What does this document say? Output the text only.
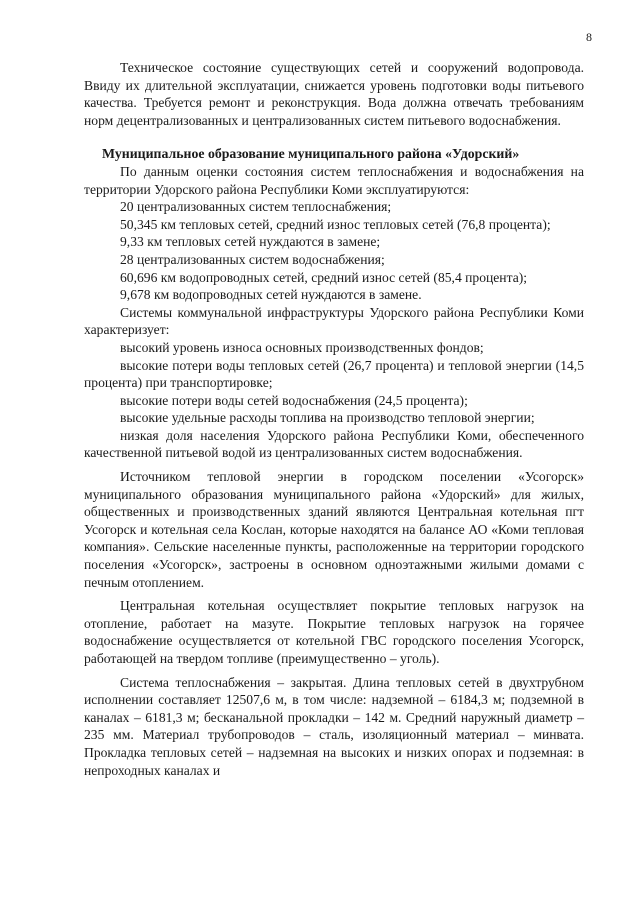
8

Техническое состояние существующих сетей и сооружений водопровода. Ввиду их длительной эксплуатации, снижается уровень подготовки воды питьевого качества. Требуется ремонт и реконструкция. Вода должна отвечать требованиям норм децентрализованных и централизованных систем питьевого водоснабжения.

Муниципальное образование муниципального района «Удорский»

По данным оценки состояния систем теплоснабжения и водоснабжения на территории Удорского района Республики Коми эксплуатируются:

20 централизованных систем теплоснабжения;

50,345 км тепловых сетей, средний износ тепловых сетей (76,8 процента);

9,33 км тепловых сетей нуждаются в замене;

28 централизованных систем водоснабжения;

60,696 км водопроводных сетей, средний износ сетей (85,4 процента);

9,678 км водопроводных сетей нуждаются в замене.

Системы коммунальной инфраструктуры Удорского района Республики Коми характеризует:

высокий уровень износа основных производственных фондов;

высокие потери воды тепловых сетей (26,7 процента) и тепловой энергии (14,5 процента) при транспортировке;

высокие потери воды сетей водоснабжения (24,5 процента);

высокие удельные расходы топлива на производство тепловой энергии;

низкая доля населения Удорского района Республики Коми, обеспеченного качественной питьевой водой из централизованных систем водоснабжения.

Источником тепловой энергии в городском поселении «Усогорск» муниципального образования муниципального района «Удорский» для жилых, общественных и производственных зданий являются Центральная котельная пгт Усогорск и котельная села Кослан, которые находятся на балансе АО «Коми тепловая компания». Сельские населенные пункты, расположенные на территории городского поселения «Усогорск», застроены в основном одноэтажными жилыми домами с печным отоплением.

Центральная котельная осуществляет покрытие тепловых нагрузок на отопление, работает на мазуте. Покрытие тепловых нагрузок на горячее водоснабжение осуществляется от котельной ГВС городского поселения Усогорск, работающей на твердом топливе (преимущественно – уголь).

Система теплоснабжения – закрытая. Длина тепловых сетей в двухтрубном исполнении составляет 12507,6 м, в том числе: надземной – 6184,3 м; подземной в каналах – 6181,3 м; бесканальной прокладки – 142 м. Средний наружный диаметр – 235 мм. Материал трубопроводов – сталь, изоляционный материал – минвата. Прокладка тепловых сетей – надземная на высоких и низких опорах и подземная: в непроходных каналах и
